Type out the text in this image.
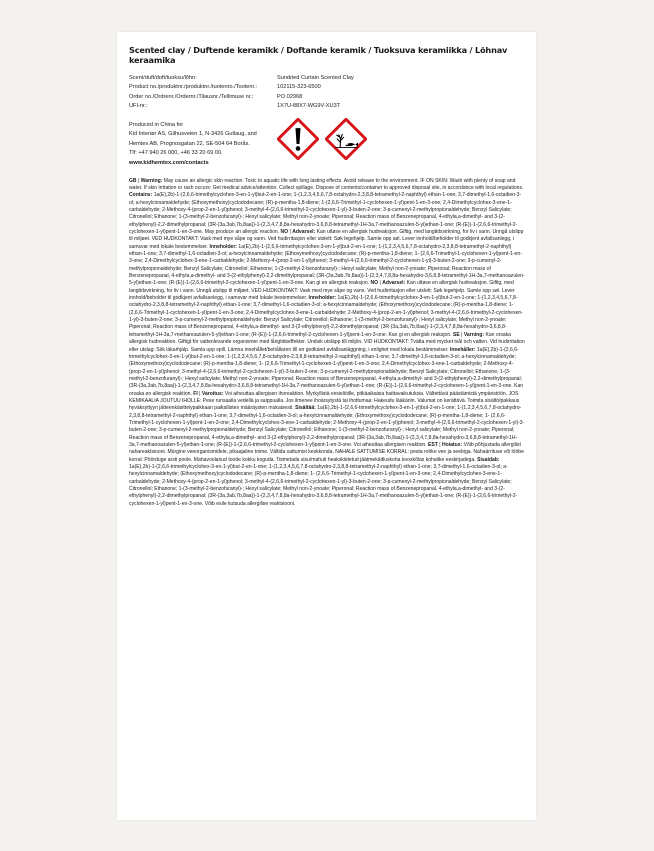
Scented clay / Duftende keramikk / Doftande keramik / Tuoksuva keramiikka / Lõhnav keraamika
Scent/duft/doft/tuoksu/lõhn:	Sundried Curtain Scented Clay
Product no./produktnr./produktnr./tuotenro./Tootenr.:	102115-323-6500
Order no./Ordrenr./Ordernr./Tilausnr./Tellimuse nr.:	PO 02968
UFI-nr.:	1X7U-88X7-WG9V-XU3T
Produced in China for
Kid Interiør AS, Gilhusveien 1, N-3426 Gullaug, and
Hemtex AB, Prognosgatan 22, SE-504 64 Borås.
Tlf: +47 940 26 000, +46 33 20 69 00.
www.kidhemtex.com/contacts
GB | Warning: May cause an allergic skin reaction. Toxic to aquatic life with long lasting effects. Avoid release to the environment. IF ON SKIN: Wash with plenty of soap and water. If skin irritation or rash occurs: Get medical advice/attention. Collect spillage. Dispose of contents/container to approved disposal site, in accordance with local regulations. Contains: 1a(E),2b)-1-(2,6,6-trimethylcyclohex-3-en-1-yl)but-2-en-1-one; 1-(1,2,3,4,5,6,7,8-octahydro-2,3,8,8-tetramethyl-2-naphthyl) ethan-1-one; 3,7-dimethyl-1,6-octadien-3-ol; a-hexylcinnamaldehyde; (Ethoxymethoxy)cyclododecane; (R)-p-mentha-1,8-diene; 1-(2,6,6-Trimethyl-1-cyclohexen-1-yl)pent-1-en-3-one; 2,4-Dimethylcyclohex-3-ene-1-carbaldehyde; 2-Methoxy-4-(prop-2-en-1-yl)phenol; 3-methyl-4-(2,6,6-trimethyl-2-cyclohexen-1-yl)-3-buten-2-one; 3-p-cumenyl-2-methylpropionaldehyde; Benzyl Salicylate; Citronellol; Ethanone; 1-(3-methyl-2-benzofuranyl)-; Hexyl salicylate; Methyl non-2-ynoate; Piperonal; Reaction mass of Benzenepropanal, 4-ethyla,a-dimethyl- and 3-(2-ethylphenyl)-2,2-dimethylpropanal; (3R-(3a,3ab,7b,8aa))-1-(2,3,4,7,8,8a-hexahydro-3,6,8,8-tetramethyl-1H-3a,7-methanoazulen-5-yl)ethan-1-one; (R-(E))-1-(2,6,6-trimethyl-2-cyclohexen-1-yl)pent-1-en-3-one. May produce an allergic reaction. NO | Advarsel: Kan utløse en allergisk hudreaksjon. Giftig, med langtidsvirkning, for liv i vann. Unngå utslipp til miljøet. VED HUDKONTAKT: Vask med mye såpe og vann. Ved hudirritasjon eller utslett: Søk legehjelp. Samle opp søl. Lever innhold/beholder til godkjent avfallsanlegg, i samsvar med lokale bestemmelser. Inneholder: 1a(E),2b)-1-(2,6,6-trimethylcyclohex-3-en-1-yl)but-2-en-1-one; 1-(1,2,3,4,5,6,7,8-octahydro-2,3,8,8-tetramethyl-2-naphthyl) ethan-1-one; 3,7-dimethyl-1,6-octadien-3-ol; a-hexylcinnamaldehyde; (Ethoxymethoxy)cyclododecane; (R)-p-mentha-1,8-diene; 1- (2,6,6-Trimethyl-1-cyclohexen-1-yl)pent-1-en-3-one; 2,4-Dimethylcyclohex-3-ene-1-carbaldehyde; 2-Methoxy-4-(prop-2-en-1-yl)phenol; 3-methyl-4-(2,6,6-trimethyl-2-cyclohexen-1-yl)-3-buten-2-one; 3-p-cumenyl-2-methylpropionaldehyde; Benzyl Salicylate; Citronellol; Ethanone; 1-(3-methyl-2-benzofuranyl)-; Hexyl salicylate; Methyl non-2-ynoate; Piperonal; Reaction mass of Benzenepropanal, 4-ethyla,a-dimethyl- and 3-(2-ethylphenyl)-2,2-dimethylpropanal; (3R-(3a,3ab,7b,8aa))-1-(2,3,4,7,8,8a-hexahydro-3,6,8,8-tetramethyl-1H-3a,7-methanoazulen-5-yl)ethan-1-one; (R-(E))-1-(2,6,6-trimethyl-2-cyclohexen-1-yl)pent-1-en-3-one. Kan gi en allergisk reaksjon. NO | Advarsel: Kan utløse en allergisk hudreaksjon. Giftig, med langtidsvirkning, for liv i vann. Unngå utslipp til miljøet. VED HUDKONTAKT: Vask med mye såpe og vann. Ved hudirritasjon eller utslett: Søk legehjelp. Samle opp søl. Lever innhold/beholder til godkjent avfallsanlegg, i samsvar med lokale bestemmelser. Inneholder: 1a(E),2b)-1-(2,6,6-trimethylcyclohex-3-en-1-yl)but-2-en-1-one; 1-(1,2,3,4,5,6,7,8-octahydro-2,3,8,8-tetramethyl-2-naphthyl) ethan-1-one; 3,7-dimethyl-1,6-octadien-3-ol; a-hexylcinnamaldehyde; (Ethoxymethoxy)cyclododecane; (R)-p-mentha-1,8-diene; 1- (2,6,6-Trimethyl-1-cyclohexen-1-yl)pent-1-en-3-one; 2,4-Dimethylcyclohex-3-ene-1-carbaldehyde; 2-Methoxy-4-(prop-2-en-1-yl)phenol; 3-methyl-4-(2,6,6-trimethyl-2-cyclohexen-1-yl)-3-buten-2-one; 3-p-cumenyl-2-methylpropionaldehyde; Benzyl Salicylate; Citronellol; Ethanone; 1-(3-methyl-2-benzofuranyl)-; Hexyl salicylate; Methyl non-2-ynoate; Piperonal; Reaction mass of Benzenepropanal, 4-ethyla,a-dimethyl- and 3-(2-ethylphenyl)-2,2-dimethylpropanal; (3R-(3a,3ab,7b,8aa))-1-(2,3,4,7,8,8a-hexahydro-3,6,8,8-tetramethyl-1H-3a,7-methanoazulen-5-yl)ethan-1-one; (R-(E))-1-(2,6,6-trimethyl-2-cyclohexen-1-yl)pent-1-en-3-one. Kan gi en allergisk reaksjon. SE | Varning: Kan orsaka allergisk hudreaktion. Giftigt för vattenlevande organismer med långtidseffekter. Undvik utsläpp till miljön. VID HUDKONTAKT: Tvätta med mycket tvål och vatten. Vid hudirritation eller utslag: Sök läkarhjälp. Samla upp spill. Lämna innehållet/behållaren till en godkänd avfallsanläggning, i enlighet med lokala bestämmelser. Innehåller: 1a(E),2b)-1-(2,6,6-trimethylcyclohex-3-en-1-yl)but-2-en-1-one; 1-(1,2,3,4,5,6,7,8-octahydro-2,3,8,8-tetramethyl-2-naphthyl) ethan-1-one; 3,7-dimethyl-1,6-octadien-3-ol; a-hexylcinnamaldehyde; (Ethoxymethoxy)cyclododecane; (R)-p-mentha-1,8-diene; 1- (2,6,6-Trimethyl-1-cyclohexen-1-yl)pent-1-en-3-one; 2,4-Dimethylcyclohex-3-ene-1-carbaldehyde; 2-Methoxy-4-(prop-2-en-1-yl)phenol; 3-methyl-4-(2,6,6-trimethyl-2-cyclohexen-1-yl)-3-buten-2-one; 3-p-cumenyl-2-methylpropionaldehyde; Benzyl Salicylate; Citronellol; Ethanone; 1-(3-methyl-2-benzofuranyl)-; Hexyl salicylate; Methyl non-2-ynoate; Piperonal; Reaction mass of Benzenepropanal, 4-ethyla,a-dimethyl- and 3-(2-ethylphenyl)-2,2-dimethylpropanal; (3R-(3a,3ab,7b,8aa))-1-(2,3,4,7,8,8a-hexahydro-3,6,8,8-tetramethyl-1H-3a,7-methanoazulen-5-yl)ethan-1-one; (R-(E))-1-(2,6,6-trimethyl-2-cyclohexen-1-yl)pent-1-en-3-one. Kan orsaka en allergisk reaktion. FI | Varoitus: Voi aiheuttaa allergisen ihoreaktion. Myrkyllistä vesieliöille, pitkäaikaisia haittavaikutuksia. Vältettävä päästämistä ympäristöön. JOS KEMIKAALIA JOUTUU IHOLLE: Pese runsaalla vedellä ja saippualla. Jos ilmenee ihoärsytystä tai ihottumaa: Hakeudu lääkäriin. Valumat on kerättävä. Toimita sisältö/pakkaus hyväksyttyyn jätteenkäsittelypaikkaan paikallisten määräysten mukaisesti. Sisältää: 1a(E),2b)-1-(2,6,6-trimethylcyclohex-3-en-1-yl)but-2-en-1-one; 1-(1,2,3,4,5,6,7,8-octahydro-2,3,8,8-tetramethyl-2-naphthyl) ethan-1-one; 3,7-dimethyl-1,6-octadien-3-ol; a-hexylcinnamaldehyde; (Ethoxymethoxy)cyclododecane; (R)-p-mentha-1,8-diene; 1- (2,6,6-Trimethyl-1-cyclohexen-1-yl)pent-1-en-3-one; 2,4-Dimethylcyclohex-3-ene-1-carbaldehyde; 2-Methoxy-4-(prop-2-en-1-yl)phenol; 3-methyl-4-(2,6,6-trimethyl-2-cyclohexen-1-yl)-3-buten-2-one; 3-p-cumenyl-2-methylpropionaldehyde; Benzyl Salicylate; Citronellol; Ethanone; 1-(3-methyl-2-benzofuranyl)-; Hexyl salicylate; Methyl non-2-ynoate; Piperonal; Reaction mass of Benzenepropanal, 4-ethyla,a-dimethyl- and 3-(2-ethylphenyl)-2,2-dimethylpropanal; (3R-(3a,3ab,7b,8aa))-1-(2,3,4,7,8,8a-hexahydro-3,6,8,8-tetramethyl-1H-3a,7-methanoazulen-5-yl)ethan-1-one; (R-(E))-1-(2,6,6-trimethyl-2-cyclohexen-1-yl)pent-1-en-3-one. Voi aiheuttaa allergisen reaktion. EST | Hoiatus: Võib põhjustada allergilist nahareaktsiooni. Mürgine veeorganismidele, pikaajaline toime. Vältida sattumist keskkonda. NAHALE SATTUMISE KORRAL: pesta rohke vee ja seebiga. Nahaärrituse või lööbe korral: Pöörduge arsti poole. Mahavoolanud toode kokku koguda. Toimetada sisu/mahuti heakskiidetud jäätmekäitluskoha kooskõlas kohalike eeskirjadega. Sisaldab: 1a(E),2b)-1-(2,6,6-trimethylcyclohex-3-en-1-yl)but-2-en-1-one; 1-(1,2,3,4,5,6,7,8-octahydro-2,3,8,8-tetramethyl-2-naphthyl) ethan-1-one; 3,7-dimethyl-1,6-octadien-3-ol; a-hexylcinnamaldehyde; (Ethoxymethoxy)cyclododecane; (R)-p-mentha-1,8-diene; 1- (2,6,6-Trimethyl-1-cyclohexen-1-yl)pent-1-en-3-one; 2,4-Dimethylcyclohex-3-ene-1-carbaldehyde; 2-Methoxy-4-(prop-2-en-1-yl)phenol; 3-methyl-4-(2,6,6-trimethyl-2-cyclohexen-1-yl)-3-buten-2-one; 3-p-cumenyl-2-methylpropionaldehyde; Benzyl Salicylate; Citronellol; Ethanone; 1-(3-methyl-2-benzofuranyl)-; Hexyl salicylate; Methyl non-2-ynoate; Piperonal; Reaction mass of Benzenepropanal, 4-ethyla,a-dimethyl- and 3-(2-ethylphenyl)-2,2-dimethylpropanal; (3R-(3a,3ab,7b,8aa))-1-(2,3,4,7,8,8a-hexahydro-3,6,8,8-tetramethyl-1H-3a,7-methanoazulen-5-yl)ethan-1-one; (R-(E))-1-(2,6,6-trimethyl-2-cyclohexen-1-yl)pent-1-en-3-one. Võib esile kutsuda allergilise reaktsiooni.
